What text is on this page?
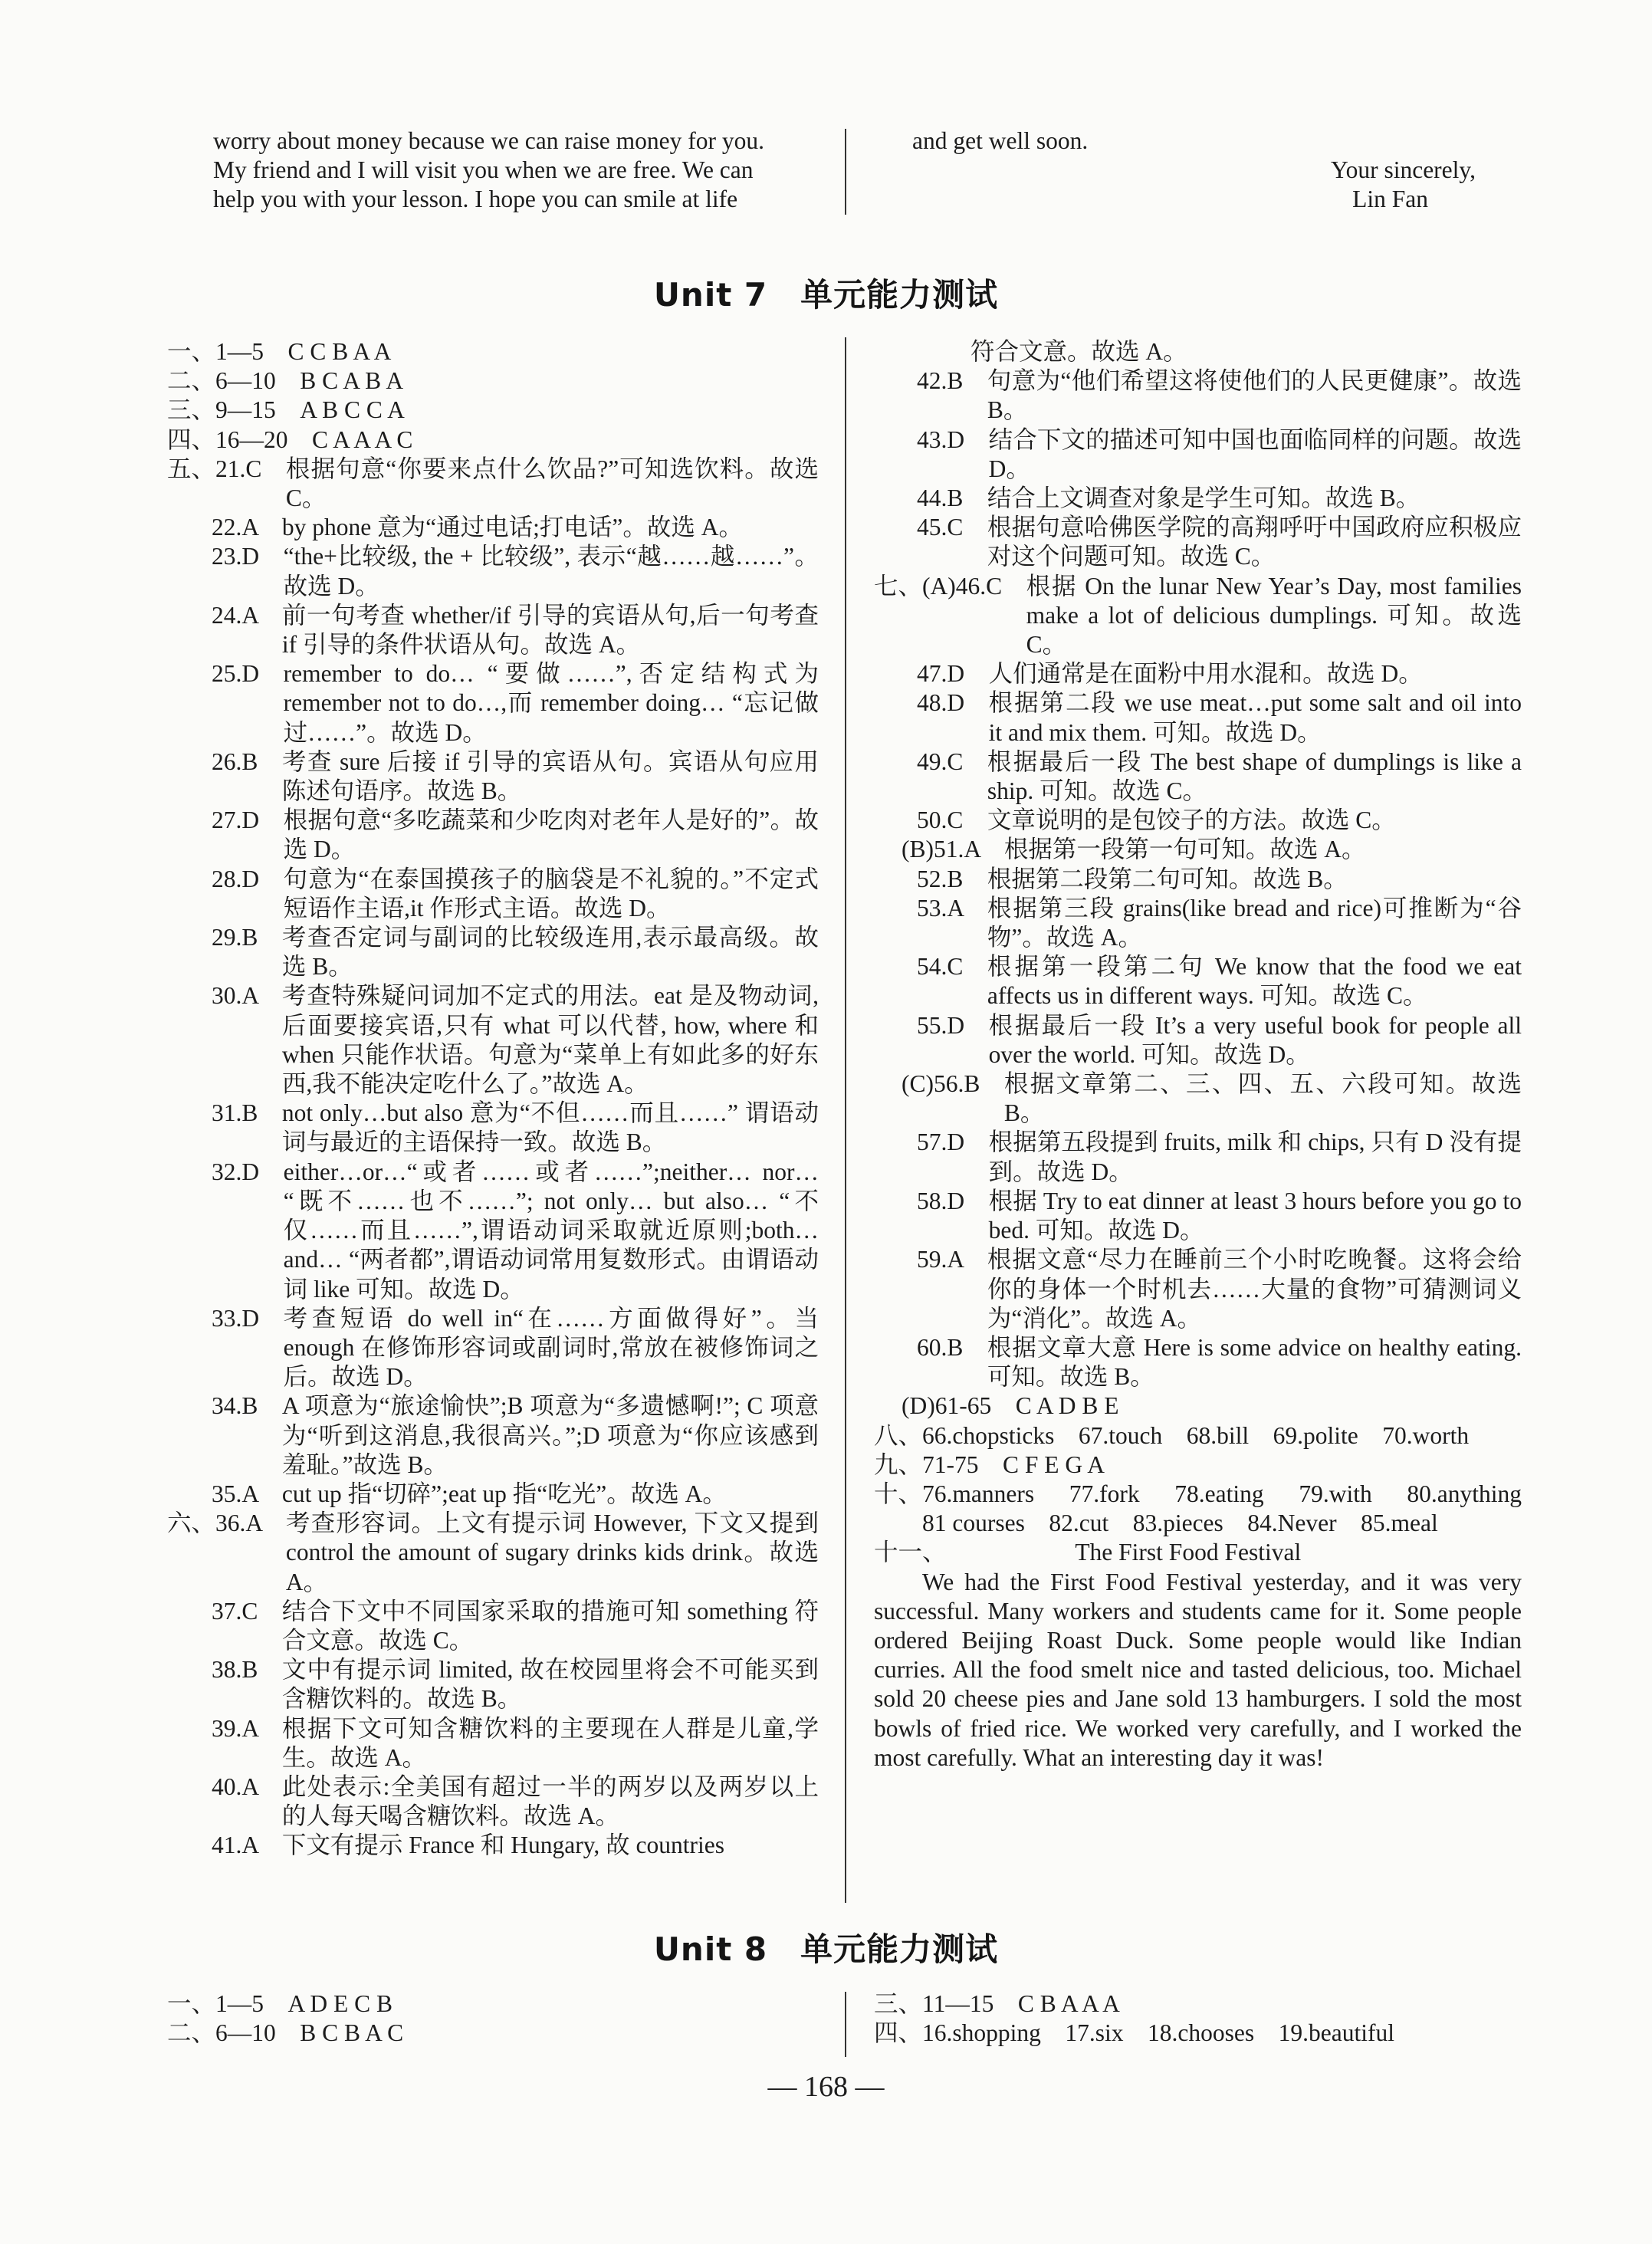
worry about money because we can raise money for you.

My friend and I will visit you when we are free. We can

help you with your lesson. I hope you can smile at life

and get well soon.

Your sincerely,

Lin Fan

Unit 7　单元能力测试
一、1—5　 C C B A A
二、6—10　 B C A B A
三、9—15　 A B C C A
四、16—20　 C A A A C
五、21.C　 根据句意“你要来点什么饮品?”可知选饮料。故选 C。
22.A　 by phone 意为“通过电话;打电话”。故选 A。
23.D　 “the+比较级, the + 比较级”, 表示“越……越……”。故选 D。
24.A　 前一句考查 whether/if 引导的宾语从句,后一句考查 if 引导的条件状语从句。故选 A。
25.D　 remember to do… “要做……”,否定结构式为 remember not to do…,而 remember doing… “忘记做过……”。故选 D。
26.B　 考查 sure 后接 if 引导的宾语从句。宾语从句应用陈述句语序。故选 B。
27.D　 根据句意“多吃蔬菜和少吃肉对老年人是好的”。故选 D。
28.D　 句意为“在泰国摸孩子的脑袋是不礼貌的。”不定式短语作主语,it 作形式主语。故选 D。
29.B　 考查否定词与副词的比较级连用,表示最高级。故选 B。
30.A　 考查特殊疑问词加不定式的用法。eat 是及物动词,后面要接宾语,只有 what 可以代替, how, where 和 when 只能作状语。句意为“菜单上有如此多的好东西,我不能决定吃什么了。”故选 A。
31.B　 not only…but also 意为“不但……而且……” 谓语动词与最近的主语保持一致。故选 B。
32.D　 either…or…“或者……或者……”;neither… nor… “既不……也不……”; not only… but also… “不仅……而且……”,谓语动词采取就近原则;both… and… “两者都”,谓语动词常用复数形式。由谓语动词 like 可知。故选 D。
33.D　 考查短语 do well in“在……方面做得好”。当 enough 在修饰形容词或副词时,常放在被修饰词之后。故选 D。
34.B　 A 项意为“旅途愉快”;B 项意为“多遗憾啊!”; C 项意为“听到这消息,我很高兴。”;D 项意为“你应该感到羞耻。”故选 B。
35.A　 cut up 指“切碎”;eat up 指“吃光”。故选 A。
六、36.A　 考查形容词。上文有提示词 However, 下文又提到 control the amount of sugary drinks kids drink。故选 A。
37.C　 结合下文中不同国家采取的措施可知 something 符合文意。故选 C。
38.B　 文中有提示词 limited, 故在校园里将会不可能买到含糖饮料的。故选 B。
39.A　 根据下文可知含糖饮料的主要现在人群是儿童,学生。故选 A。
40.A　 此处表示:全美国有超过一半的两岁以及两岁以上的人每天喝含糖饮料。故选 A。
41.A　 下文有提示 France 和 Hungary, 故 countries
符合文意。故选 A。
42.B　 句意为“他们希望这将使他们的人民更健康”。故选 B。
43.D　 结合下文的描述可知中国也面临同样的问题。故选 D。
44.B　 结合上文调查对象是学生可知。故选 B。
45.C　 根据句意哈佛医学院的高翔呼吁中国政府应积极应对这个问题可知。故选 C。
七、(A)46.C　 根据 On the lunar New Year’s Day, most families make a lot of delicious dumplings. 可知。故选 C。
47.D　 人们通常是在面粉中用水混和。故选 D。
48.D　 根据第二段 we use meat…put some salt and oil into it and mix them. 可知。故选 D。
49.C　 根据最后一段 The best shape of dumplings is like a ship. 可知。故选 C。
50.C　 文章说明的是包饺子的方法。故选 C。
(B)51.A　 根据第一段第一句可知。故选 A。
52.B　 根据第二段第二句可知。故选 B。
53.A　 根据第三段 grains(like bread and rice)可推断为“谷物”。故选 A。
54.C　 根据第一段第二句 We know that the food we eat affects us in different ways. 可知。故选 C。
55.D　 根据最后一段 It’s a very useful book for people all over the world. 可知。故选 D。
(C)56.B　 根据文章第二、三、四、五、六段可知。故选 B。
57.D　 根据第五段提到 fruits, milk 和 chips, 只有 D 没有提到。故选 D。
58.D　 根据 Try to eat dinner at least 3 hours before you go to bed. 可知。故选 D。
59.A　 根据文意“尽力在睡前三个小时吃晚餐。这将会给你的身体一个时机去……大量的食物”可猜测词义为“消化”。故选 A。
60.B　 根据文章大意 Here is some advice on healthy eating. 可知。故选 B。
(D)61-65　 C A D B E
八、 66.chopsticks　67.touch　68.bill　69.polite　70.worth
九、 71-75　C F E G A
十、 76.manners　77.fork　78.eating　79.with　80.anything　81 courses　82.cut　83.pieces　84.Never　85.meal
十一、	The First Food Festival

We had the First Food Festival yesterday, and it was very successful. Many workers and students came for it. Some people ordered Beijing Roast Duck. Some people would like Indian curries. All the food smelt nice and tasted delicious, too. Michael sold 20 cheese pies and Jane sold 13 hamburgers. I sold the most bowls of fried rice. We worked very carefully, and I worked the most carefully. What an interesting day it was!

Unit 8　单元能力测试
一、1—5　 A D E C B
二、6—10　 B C B A C
三、11—15　 C B A A A
四、 16.shopping　17.six　18.chooses　19.beautiful
— 168 —
